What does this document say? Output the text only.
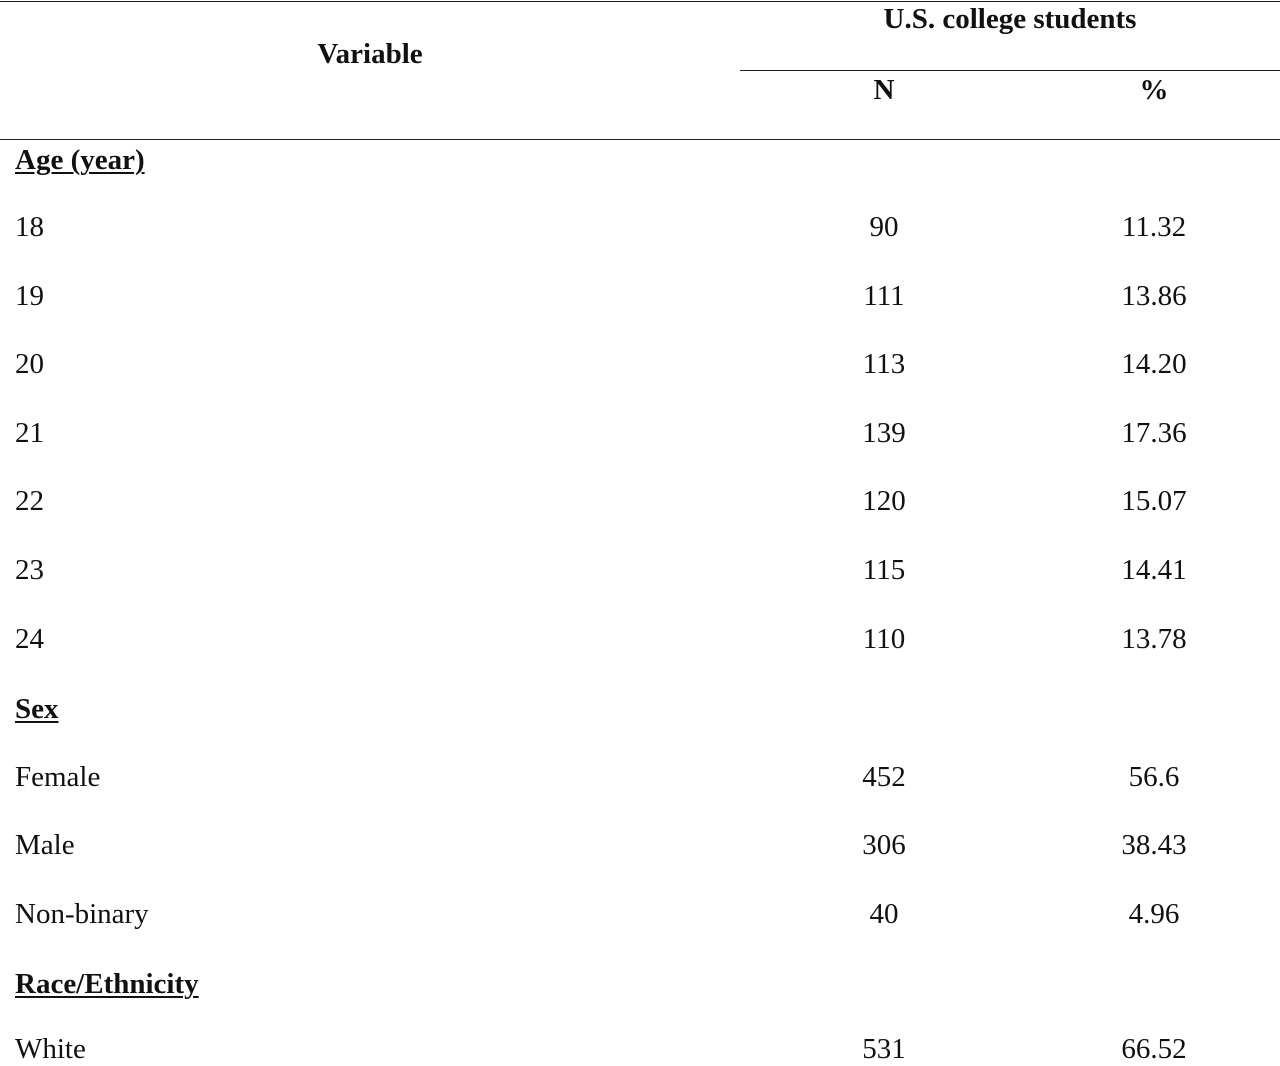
Variable
U.S. college students
N	%
Age (year)
18	90	11.32
19	111	13.86
20	113	14.20
21	139	17.36
22	120	15.07
23	115	14.41
24	110	13.78
Sex
Female	452	56.6
Male	306	38.43
Non-binary	40	4.96
Race/Ethnicity
White	531	66.52
